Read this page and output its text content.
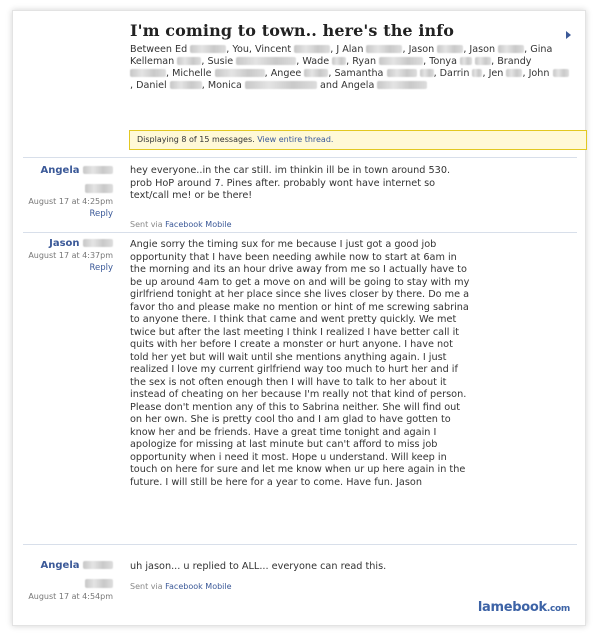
I'm coming to town.. here's the info
Between Ed	, You, Vincent	, J Alan	, Jason	, Jason	, Gina Kelleman	, Susie	, Wade , Ryan	, Tonya	, Brandy , Michelle	, Angee	, Samantha	, Darrin , Jen , John , Daniel	, Monica	and Angela
Displaying 8 of 15 messages. View entire thread.
Angela
August 17 at 4:25pm
Reply
hey everyone..in the car still. im thinkin ill be in town around 530. prob HoP around 7. Pines after. probably wont have internet so text/call me! or be there!
Sent via Facebook Mobile
Jason
August 17 at 4:37pm
Reply
Angie sorry the timing sux for me because I just got a good job opportunity that I have been needing awhile now to start at 6am in the morning and its an hour drive away from me so I actually have to be up around 4am to get a move on and will be going to stay with my girlfriend tonight at her place since she lives closer by there. Do me a favor tho and please make no mention or hint of me screwing sabrina to anyone there. I think that came and went pretty quickly. We met twice but after the last meeting I think I realized I have better call it quits with her before I create a monster or hurt anyone. I have not told her yet but will wait until she mentions anything again. I just realized I love my current girlfriend way too much to hurt her and if the sex is not often enough then I will have to talk to her about it instead of cheating on her because I'm really not that kind of person. Please don't mention any of this to Sabrina neither. She will find out on her own. She is pretty cool tho and I am glad to have gotten to know her and be friends. Have a great time tonight and again I apologize for missing at last minute but can't afford to miss job opportunity when i need it most. Hope u understand. Will keep in touch on here for sure and let me know when ur up here again in the future. I will still be here for a year to come. Have fun. Jason
Angela
August 17 at 4:54pm
uh jason... u replied to ALL... everyone can read this.
Sent via Facebook Mobile
lamebook.com
